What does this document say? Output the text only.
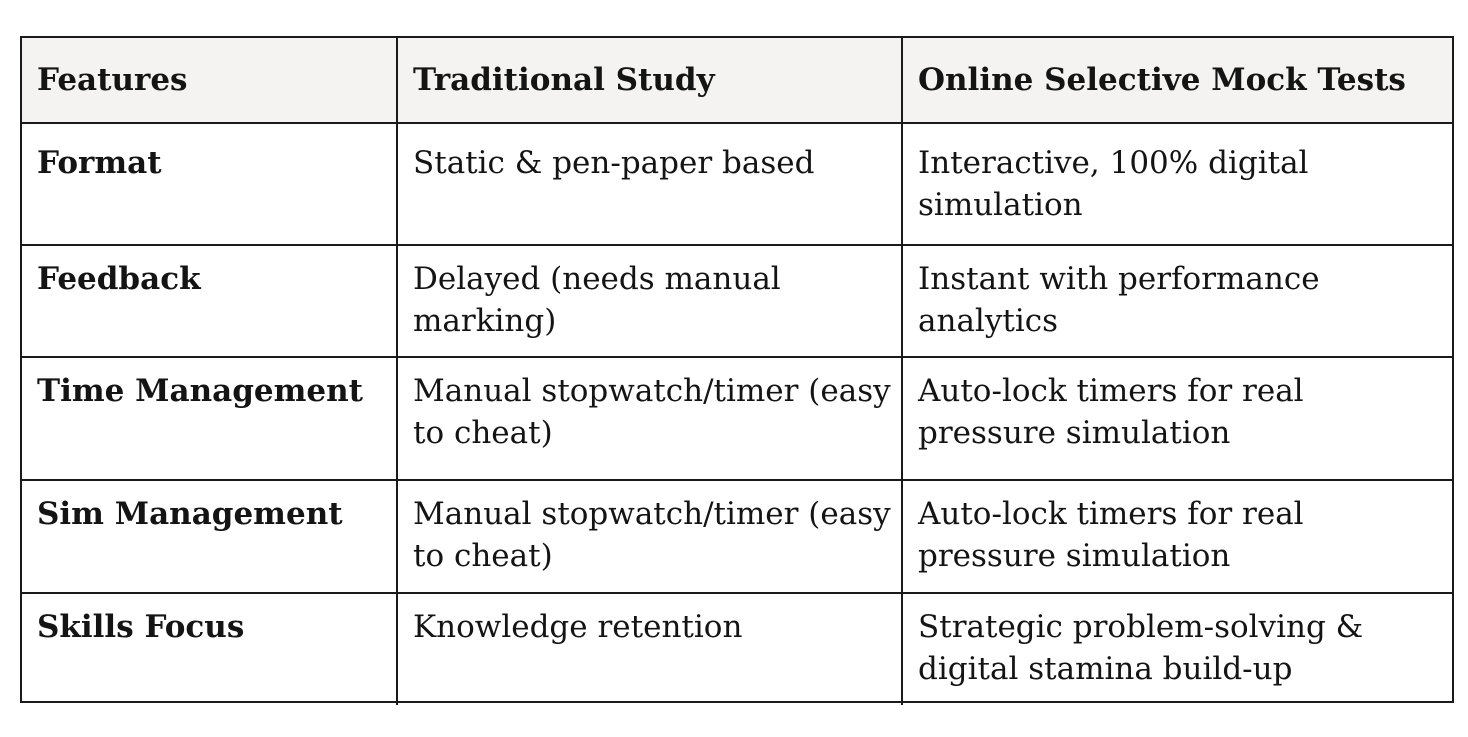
Features	Traditional Study	Online Selective Mock Tests
Format	Static & pen-paper based	Interactive, 100% digital simulation
Feedback	Delayed (needs manual marking)	Instant with performance analytics
Time Management	Manual stopwatch/timer (easy to cheat)	Auto-lock timers for real pressure simulation
Sim Management	Manual stopwatch/timer (easy to cheat)	Auto-lock timers for real pressure simulation
Skills Focus	Knowledge retention	Strategic problem-solving & digital stamina build-up
